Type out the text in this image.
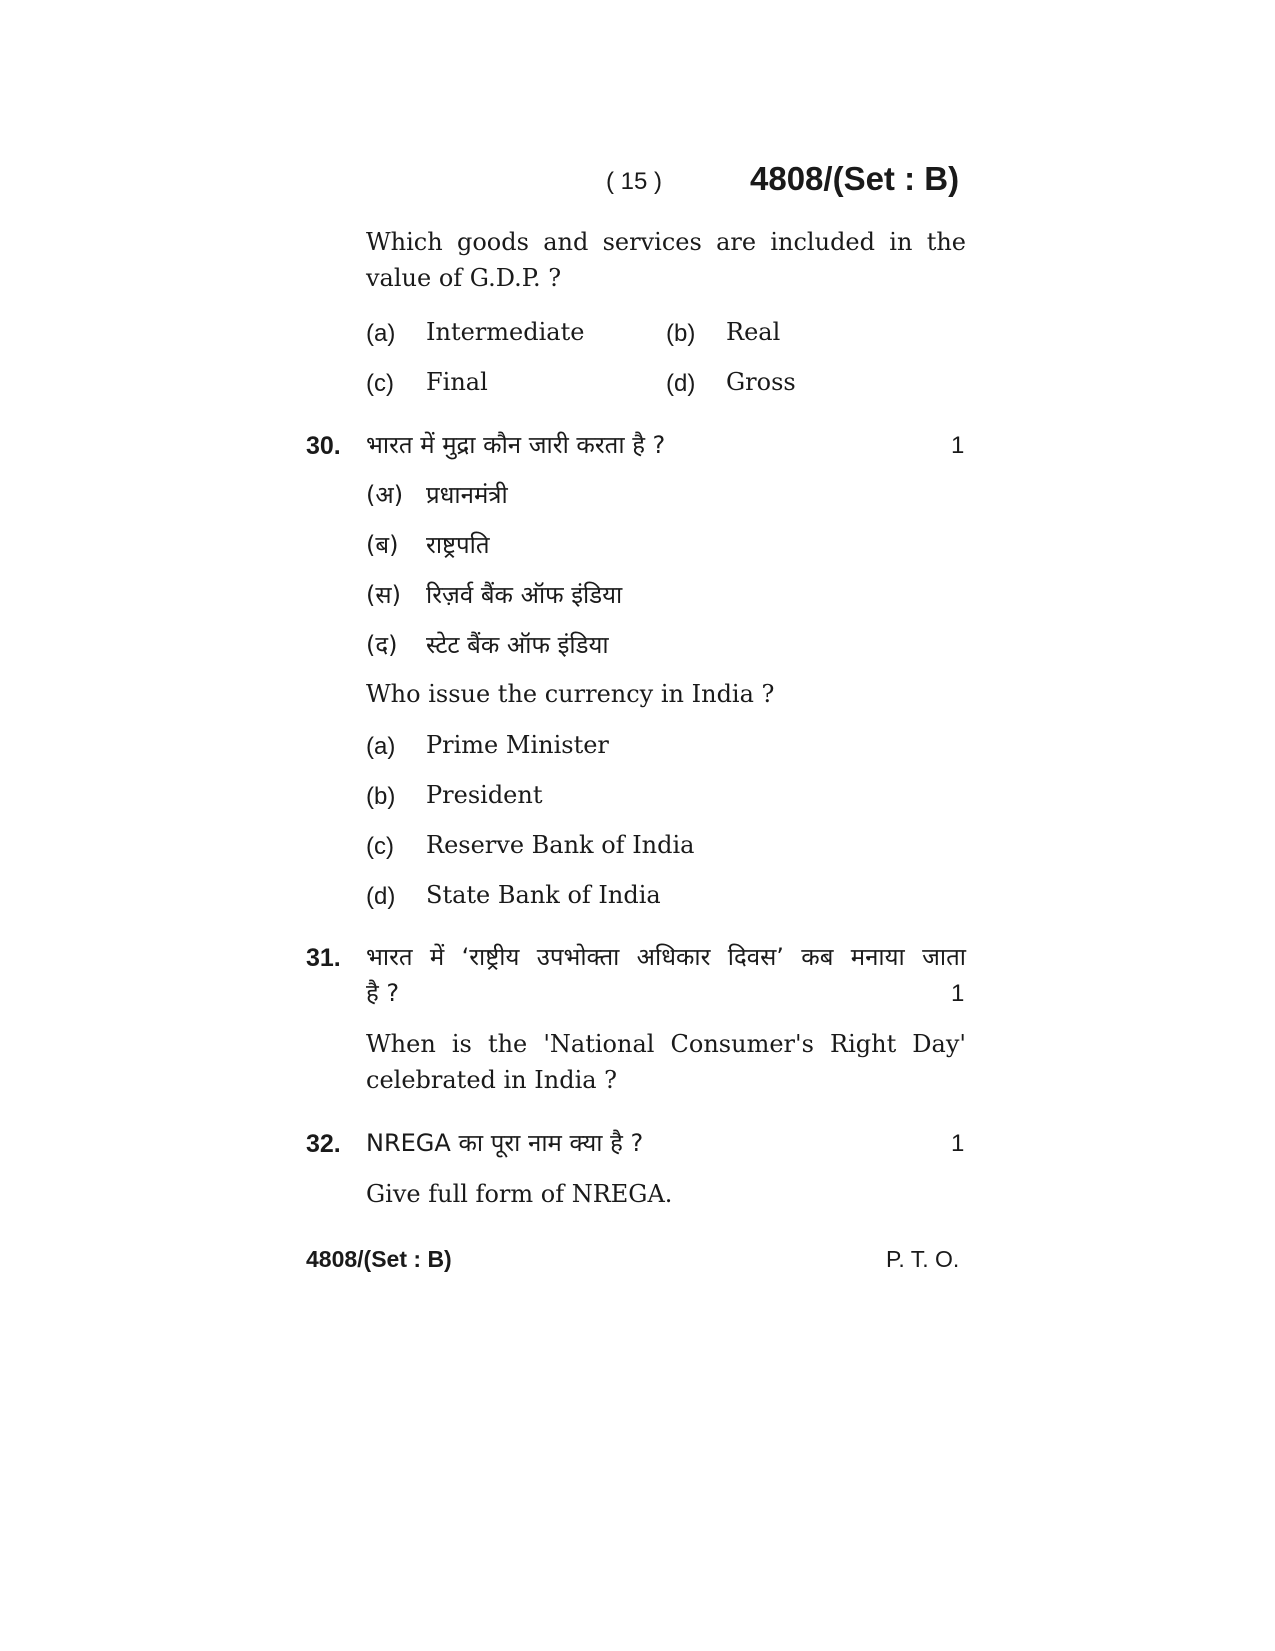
( 15 )	4808/(Set : B)
Which goods and services are included in the
value of G.D.P. ?
(a) Intermediate	(b) Real
(c) Final	(d) Gross
30. भारत में मुद्रा कौन जारी करता है ?	1
(अ) प्रधानमंत्री
(ब) राष्ट्रपति
(स) रिज़र्व बैंक ऑफ इंडिया
(द) स्टेट बैंक ऑफ इंडिया
Who issue the currency in India ?
(a) Prime Minister
(b) President
(c) Reserve Bank of India
(d) State Bank of India
31. भारत में ‘राष्ट्रीय उपभोक्ता अधिकार दिवस’ कब मनाया जाता
है ?	1
When is the 'National Consumer's Right Day'
celebrated in India ?
32. NREGA का पूरा नाम क्या है ?	1
Give full form of NREGA.
4808/(Set : B)	P. T. O.
